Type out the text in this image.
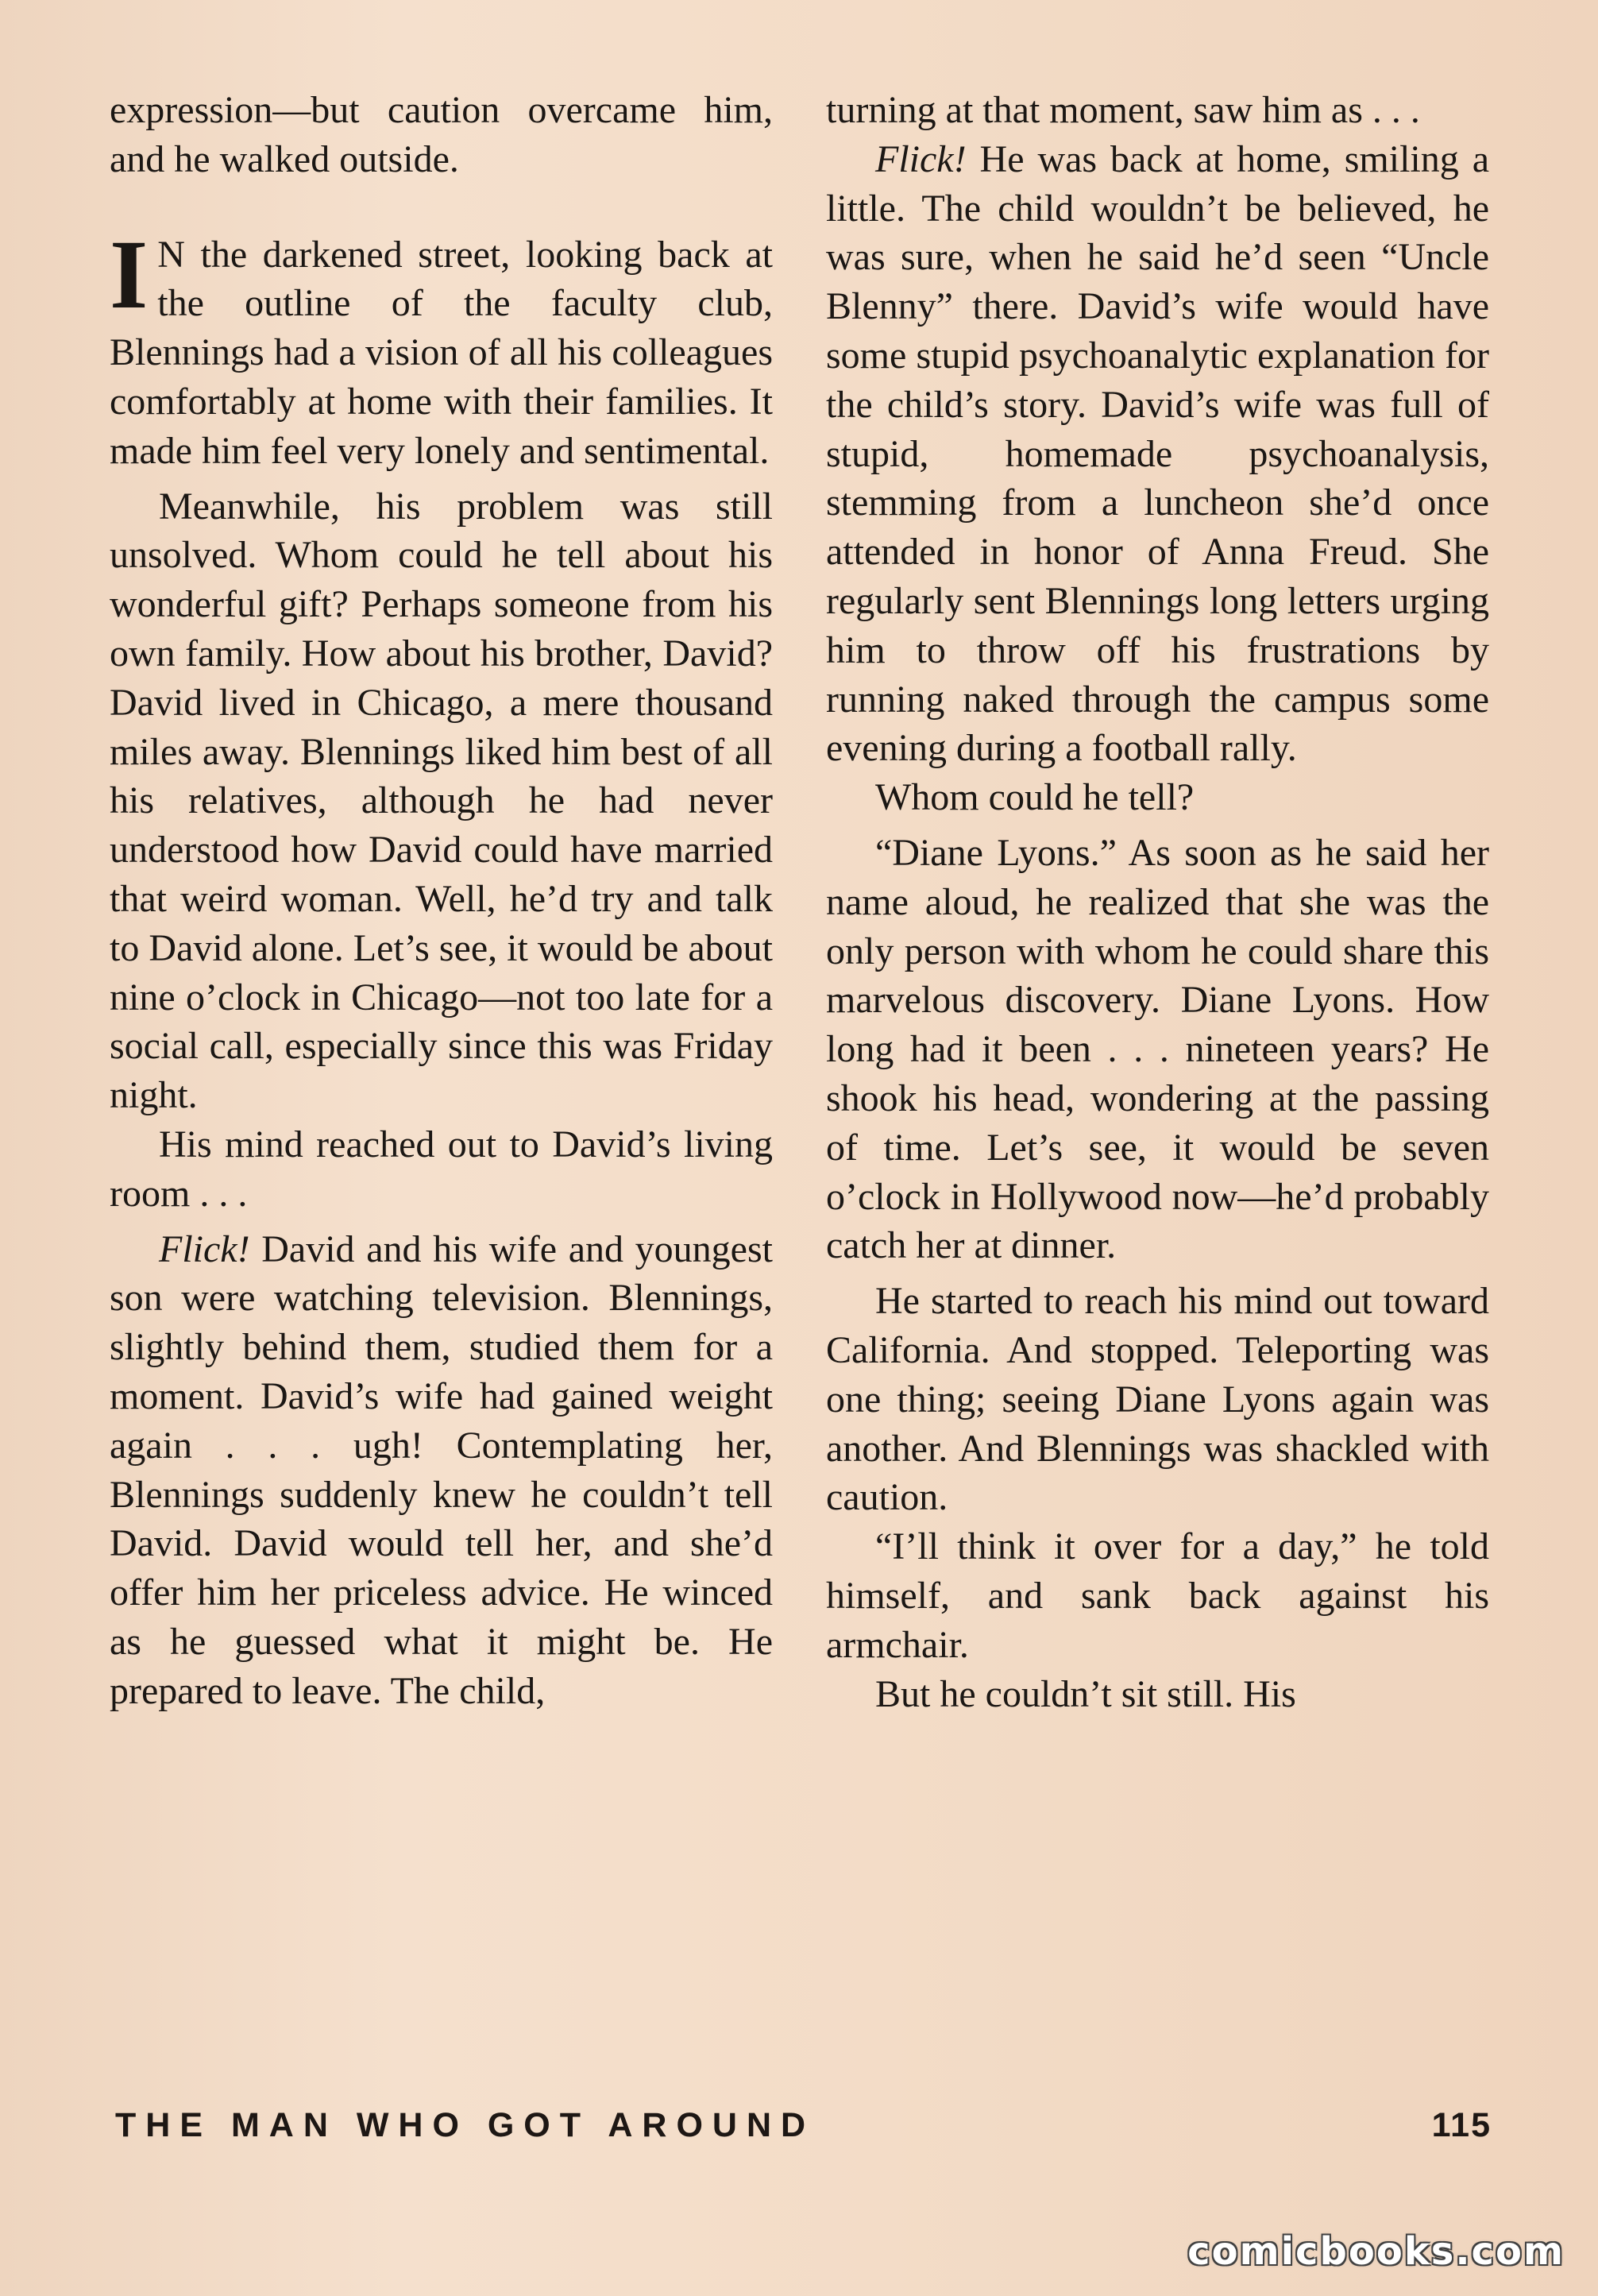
expression—but caution overcame him, and he walked outside.

I N the darkened street, looking back at the outline of the faculty club, Blennings had a vision of all his colleagues comfortably at home with their families. It made him feel very lonely and sentimental.

Meanwhile, his problem was still unsolved. Whom could he tell about his wonderful gift? Perhaps someone from his own family. How about his brother, David? David lived in Chicago, a mere thousand miles away. Blennings liked him best of all his relatives, although he had never understood how David could have married that weird woman. Well, he’d try and talk to David alone. Let’s see, it would be about nine o’clock in Chicago—not too late for a social call, especially since this was Friday night.

His mind reached out to David’s living room . . .

Flick! David and his wife and youngest son were watching television. Blennings, slightly behind them, studied them for a moment. David’s wife had gained weight again . . . ugh! Contemplating her, Blennings suddenly knew he couldn’t tell David. David would tell her, and she’d offer him her priceless advice. He winced as he guessed what it might be. He prepared to leave. The child,

turning at that moment, saw him as . . .

Flick! He was back at home, smiling a little. The child wouldn’t be believed, he was sure, when he said he’d seen “Uncle Blenny” there. David’s wife would have some stupid psychoanalytic explanation for the child’s story. David’s wife was full of stupid, homemade psychoanalysis, stemming from a luncheon she’d once attended in honor of Anna Freud. She regularly sent Blennings long letters urging him to throw off his frustrations by running naked through the campus some evening during a football rally.

Whom could he tell?

“Diane Lyons.” As soon as he said her name aloud, he realized that she was the only person with whom he could share this marvelous discovery. Diane Lyons. How long had it been . . . nineteen years? He shook his head, wondering at the passing of time. Let’s see, it would be seven o’clock in Hollywood now—he’d probably catch her at dinner.

He started to reach his mind out toward California. And stopped. Teleporting was one thing; seeing Diane Lyons again was another. And Blennings was shackled with caution.

“I’ll think it over for a day,” he told himself, and sank back against his armchair.

But he couldn’t sit still. His

THE MAN WHO GOT AROUND	115
comicbooks.com
